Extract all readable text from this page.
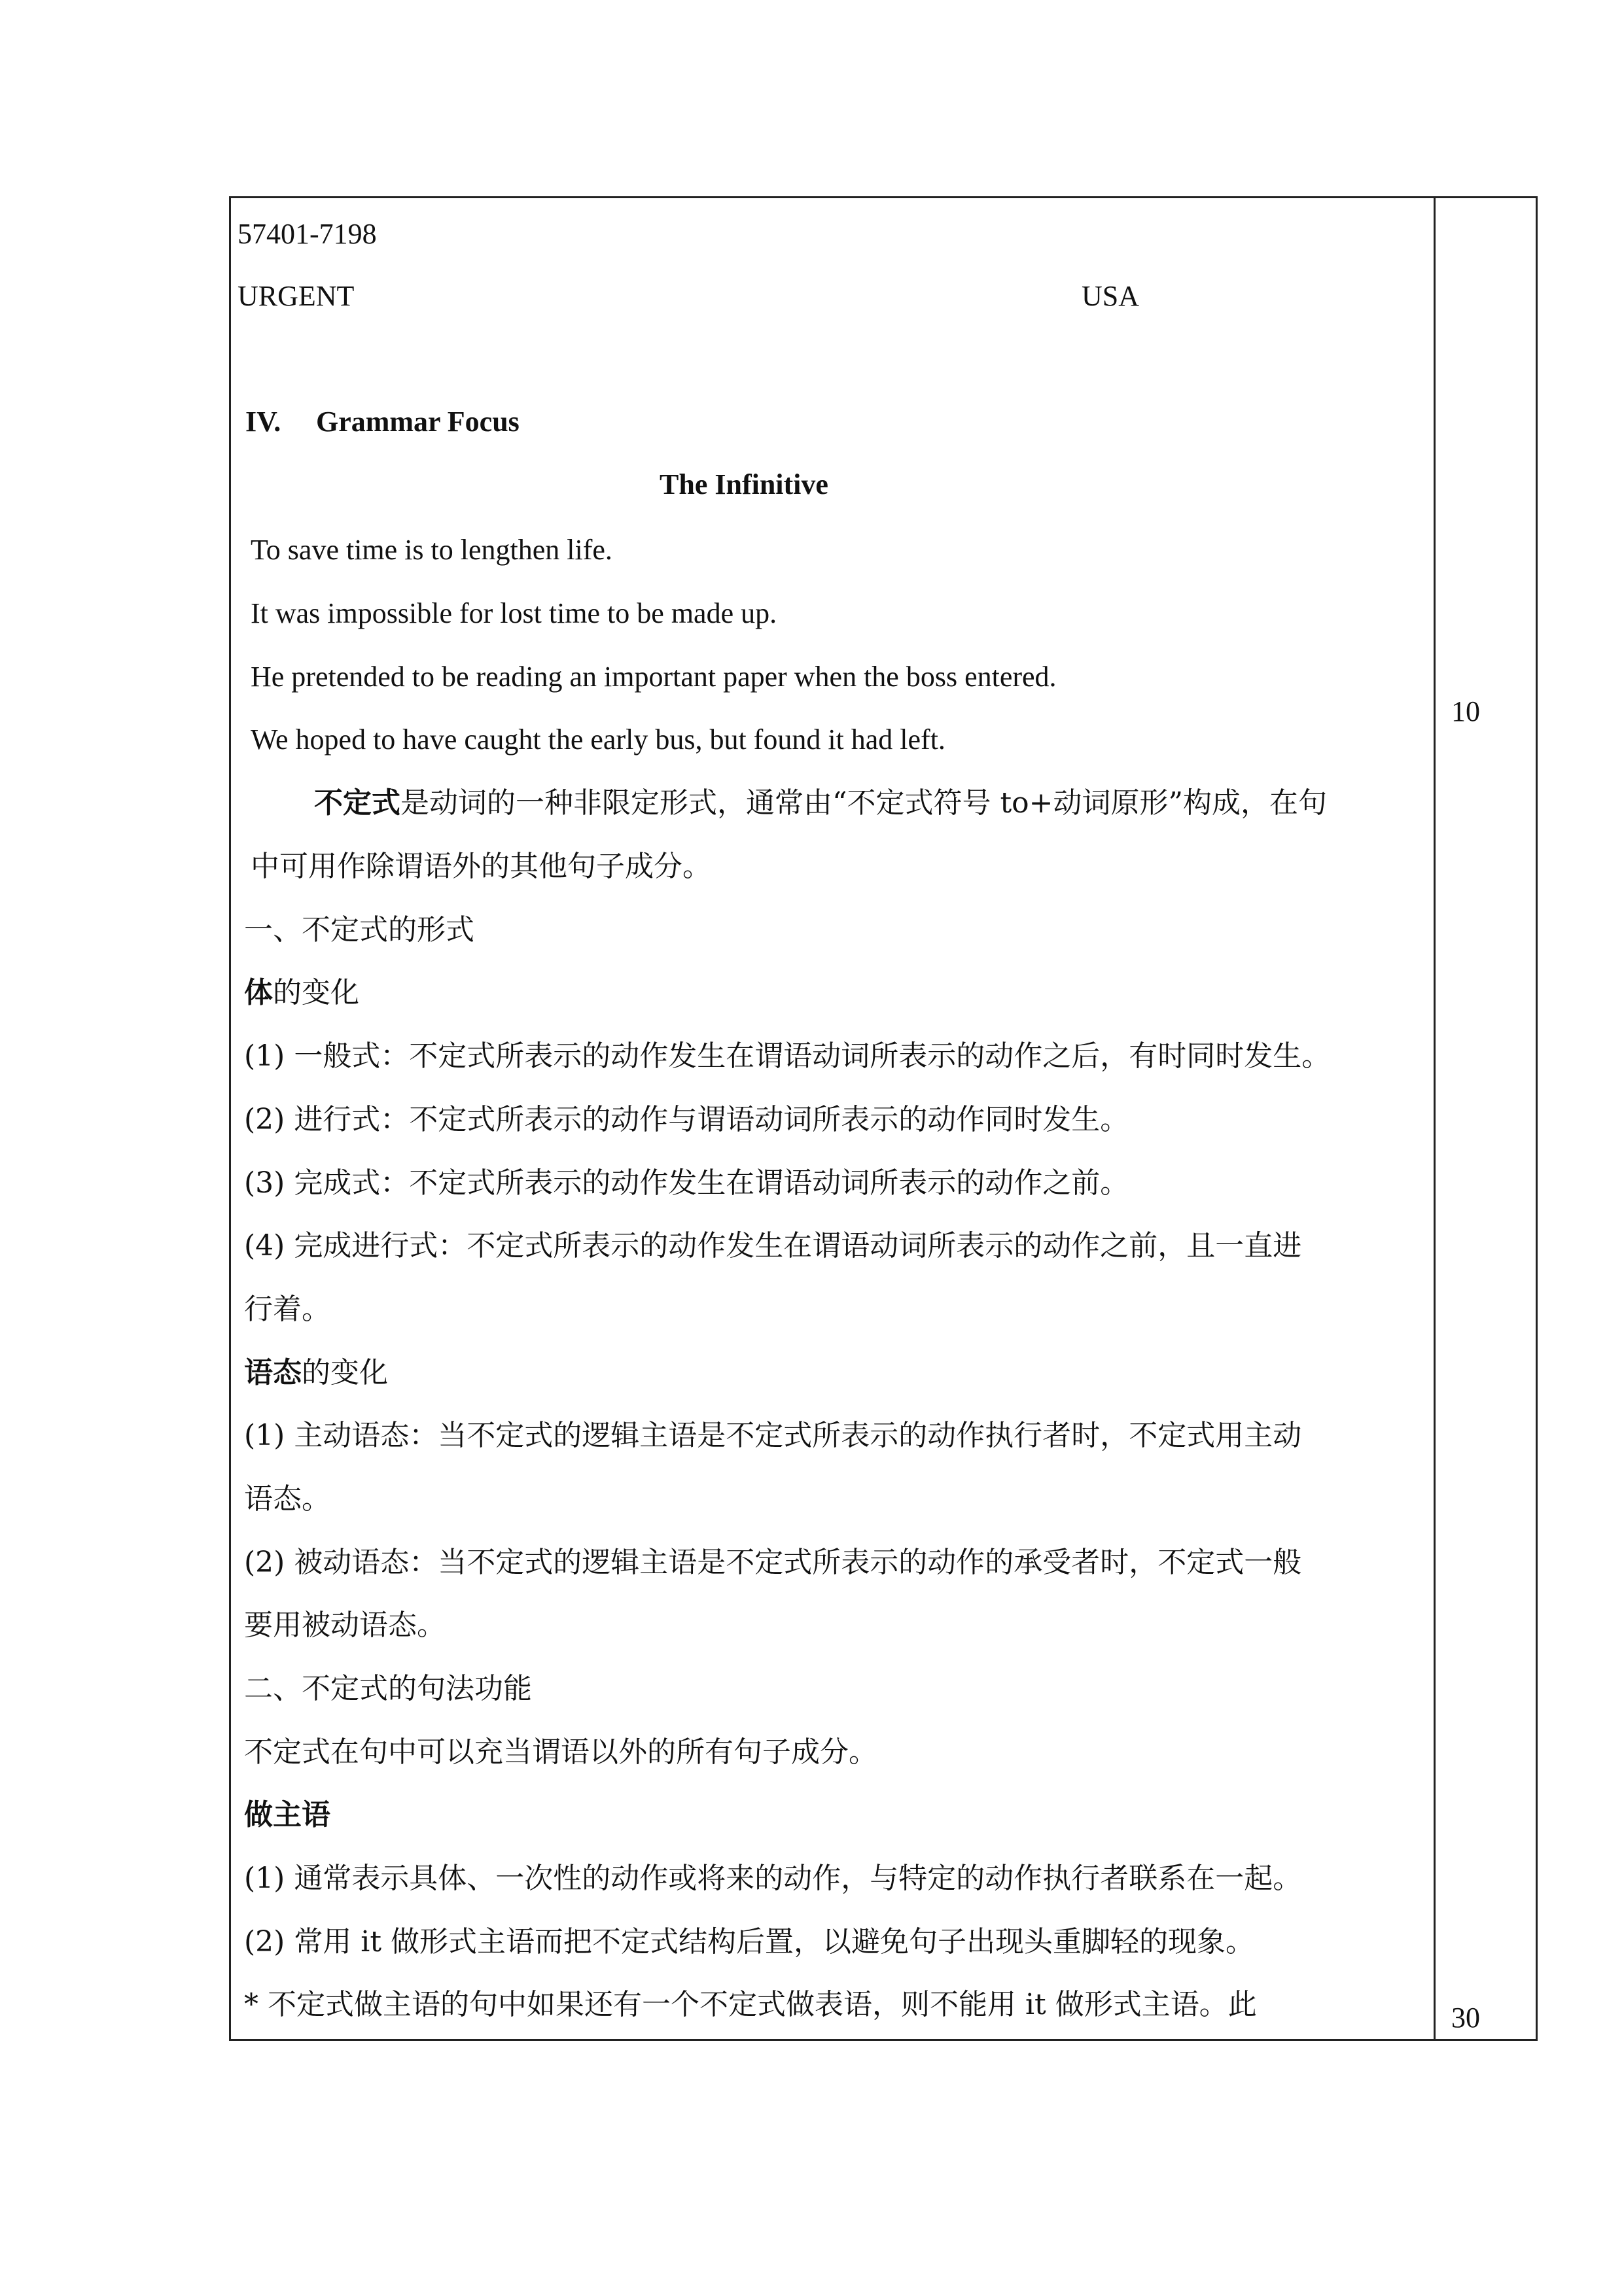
57401-7198
URGENT	USA
IV. Grammar Focus
The Infinitive
To save time is to lengthen life.
It was impossible for lost time to be made up.
He pretended to be reading an important paper when the boss entered.
We hoped to have caught the early bus, but found it had left.
不定式是动词的一种非限定形式，通常由“不定式符号 to+动词原形”构成，在句
中可用作除谓语外的其他句子成分。
一、不定式的形式
体的变化
(1) 一般式：不定式所表示的动作发生在谓语动词所表示的动作之后，有时同时发生。
(2) 进行式：不定式所表示的动作与谓语动词所表示的动作同时发生。
(3) 完成式：不定式所表示的动作发生在谓语动词所表示的动作之前。
(4) 完成进行式：不定式所表示的动作发生在谓语动词所表示的动作之前，且一直进
行着。
语态的变化
(1) 主动语态：当不定式的逻辑主语是不定式所表示的动作执行者时，不定式用主动
语态。
(2) 被动语态：当不定式的逻辑主语是不定式所表示的动作的承受者时，不定式一般
要用被动语态。
二、不定式的句法功能
不定式在句中可以充当谓语以外的所有句子成分。
做主语
(1) 通常表示具体、一次性的动作或将来的动作，与特定的动作执行者联系在一起。
(2) 常用 it 做形式主语而把不定式结构后置，以避免句子出现头重脚轻的现象。
* 不定式做主语的句中如果还有一个不定式做表语，则不能用 it 做形式主语。此
10
30
